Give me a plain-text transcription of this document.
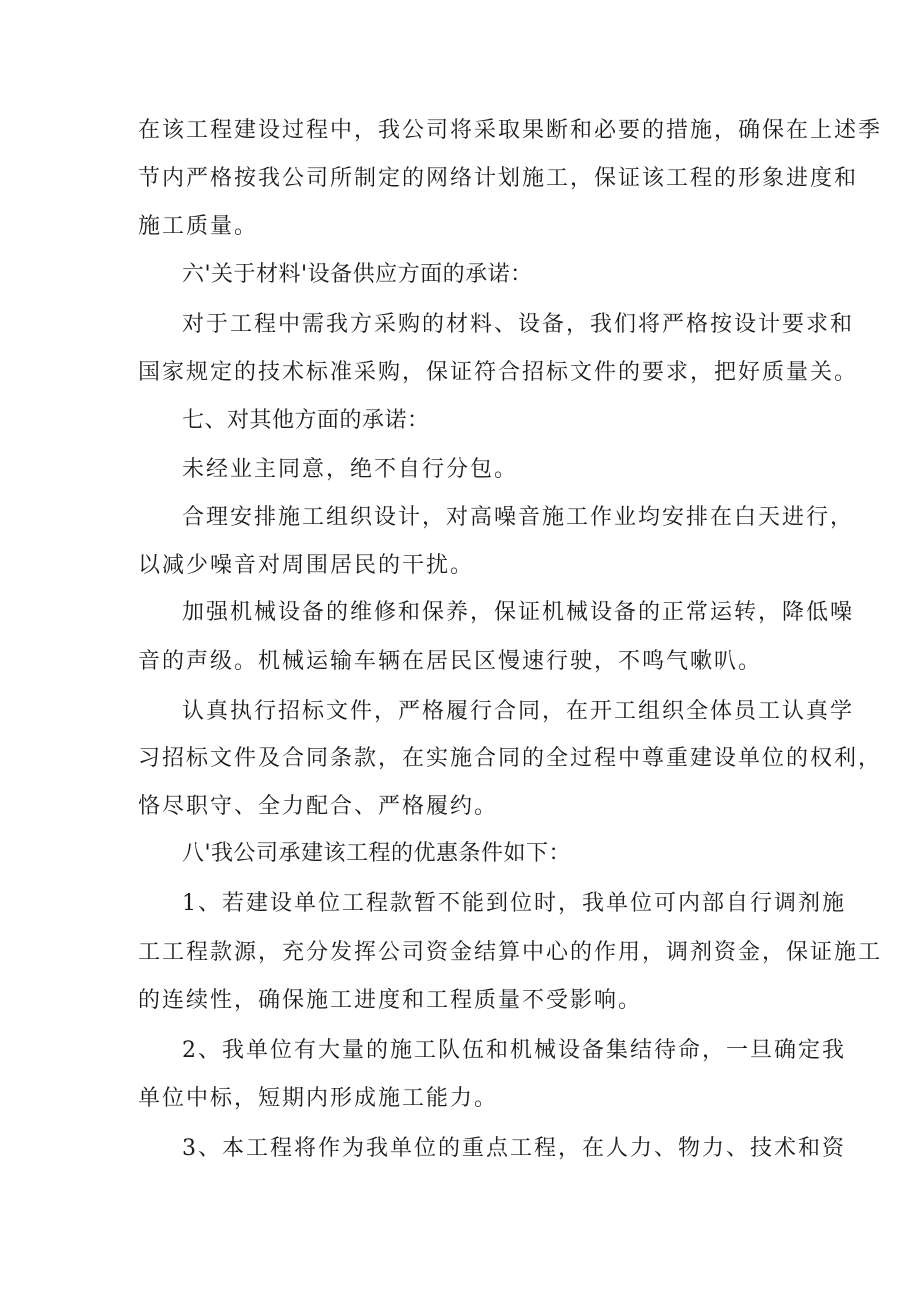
在该工程建设过程中，我公司将采取果断和必要的措施，确保在上述季
节内严格按我公司所制定的网络计划施工，保证该工程的形象进度和
施工质量。
六'关于材料'设备供应方面的承诺：
对于工程中需我方采购的材料、设备，我们将严格按设计要求和
国家规定的技术标准采购，保证符合招标文件的要求，把好质量关。
七、对其他方面的承诺：
未经业主同意，绝不自行分包。
合理安排施工组织设计，对高噪音施工作业均安排在白天进行，
以减少噪音对周围居民的干扰。
加强机械设备的维修和保养，保证机械设备的正常运转，降低噪
音的声级。机械运输车辆在居民区慢速行驶，不鸣气嗽叭。
认真执行招标文件，严格履行合同，在开工组织全体员工认真学
习招标文件及合同条款，在实施合同的全过程中尊重建设单位的权利，
恪尽职守、全力配合、严格履约。
八'我公司承建该工程的优惠条件如下：
1、若建设单位工程款暂不能到位时，我单位可内部自行调剂施
工工程款源，充分发挥公司资金结算中心的作用，调剂资金，保证施工
的连续性，确保施工进度和工程质量不受影响。
2、我单位有大量的施工队伍和机械设备集结待命，一旦确定我
单位中标，短期内形成施工能力。
3、本工程将作为我单位的重点工程，在人力、物力、技术和资
